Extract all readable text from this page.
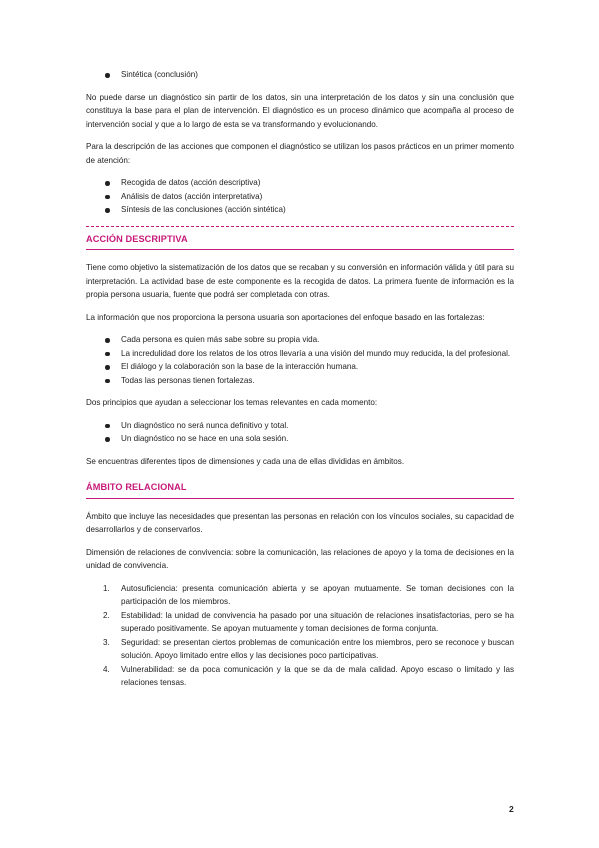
Sintética (conclusión)

No puede darse un diagnóstico sin partir de los datos, sin una interpretación de los datos y sin una conclusión que constituya la base para el plan de intervención. El diagnóstico es un proceso dinámico que acompaña al proceso de intervención social y que a lo largo de esta se va transformando y evolucionando.

Para la descripción de las acciones que componen el diagnóstico se utilizan los pasos prácticos en un primer momento de atención:

Recogida de datos (acción descriptiva)
Análisis de datos (acción interpretativa)
Síntesis de las conclusiones (acción sintética)
ACCIÓN DESCRIPTIVA

Tiene como objetivo la sistematización de los datos que se recaban y su conversión en información válida y útil para su interpretación. La actividad base de este componente es la recogida de datos. La primera fuente de información es la propia persona usuaria, fuente que podrá ser completada con otras.

La información que nos proporciona la persona usuaria son aportaciones del enfoque basado en las fortalezas:

Cada persona es quien más sabe sobre su propia vida.
La incredulidad dore los relatos de los otros llevaría a una visión del mundo muy reducida, la del profesional.
El diálogo y la colaboración son la base de la interacción humana.
Todas las personas tienen fortalezas.

Dos principios que ayudan a seleccionar los temas relevantes en cada momento:

Un diagnóstico no será nunca definitivo y total.
Un diagnóstico no se hace en una sola sesión.

Se encuentras diferentes tipos de dimensiones y cada una de ellas divididas en ámbitos.

ÁMBITO RELACIONAL

Ámbito que incluye las necesidades que presentan las personas en relación con los vínculos sociales, su capacidad de desarrollarlos y de conservarlos.

Dimensión de relaciones de convivencia: sobre la comunicación, las relaciones de apoyo y la toma de decisiones en la unidad de convivencia.

1. Autosuficiencia: presenta comunicación abierta y se apoyan mutuamente. Se toman decisiones con la participación de los miembros.
2. Estabilidad: la unidad de convivencia ha pasado por una situación de relaciones insatisfactorias, pero se ha superado positivamente. Se apoyan mutuamente y toman decisiones de forma conjunta.
3. Seguridad: se presentan ciertos problemas de comunicación entre los miembros, pero se reconoce y buscan solución. Apoyo limitado entre ellos y las decisiones poco participativas.
4. Vulnerabilidad: se da poca comunicación y la que se da de mala calidad. Apoyo escaso o limitado y las relaciones tensas.
2
